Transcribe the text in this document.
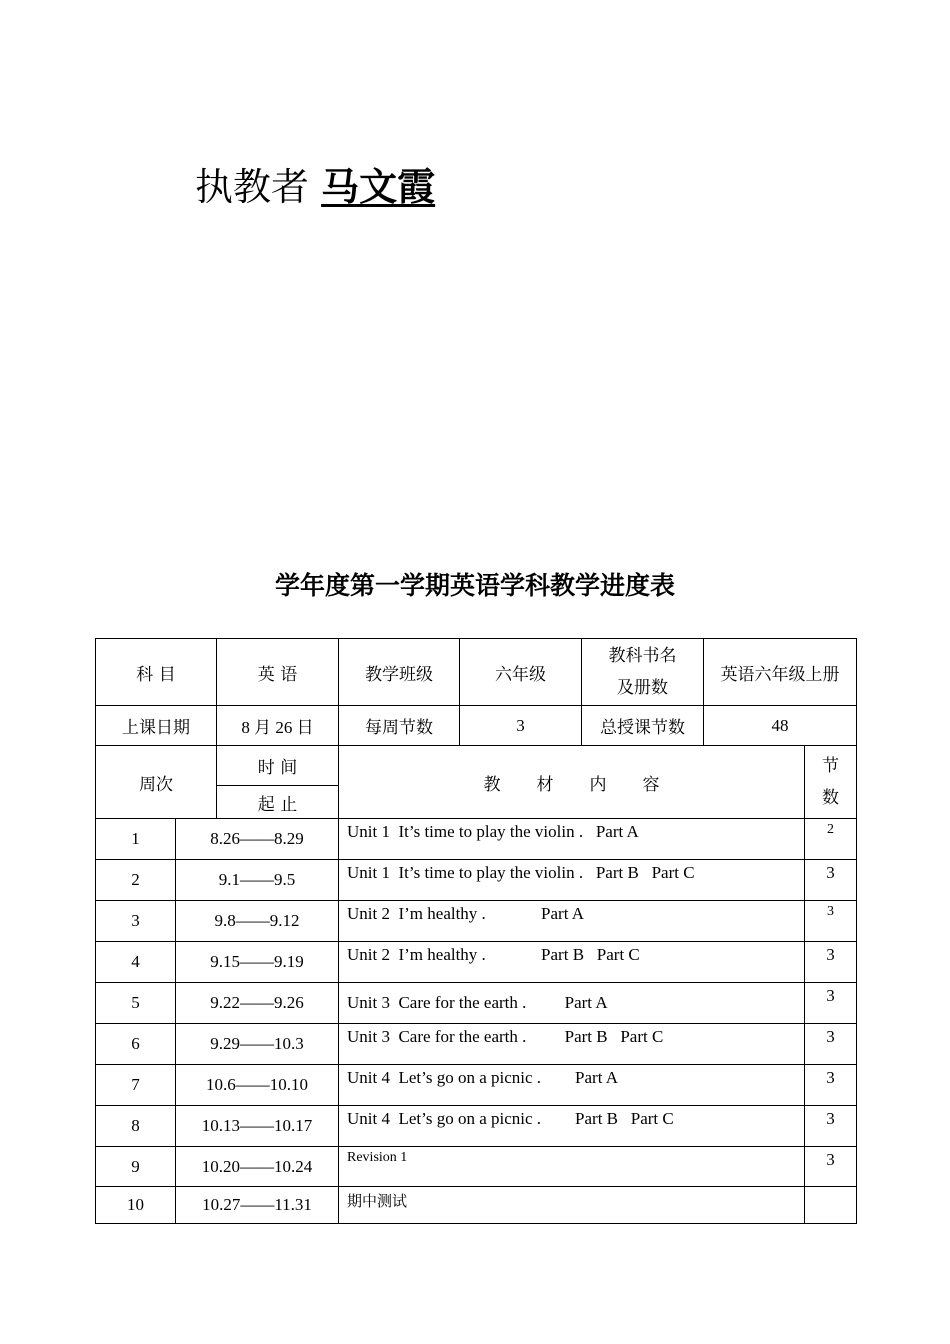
执教者 马文霞
学年度第一学期英语学科教学进度表
科 目		英 语	教学班级	六年级	教科书名
及册数	英语六年级上册	
上课日期		8 月 26 日	每周节数	3	总授课节数	48	
周次		时 间	教 材 内 容				节
数

		起 止					
1	8.26——8.29		Unit 1  It’s time to play the violin .   Part A				2
2	9.1——9.5		Unit 1  It’s time to play the violin .   Part B   Part C				3
3	9.8——9.12		Unit 2  I’m healthy .             Part A				3
4	9.15——9.19		Unit 2  I’m healthy .             Part B   Part C				3
5	9.22——9.26		Unit 3  Care for the earth .         Part A				3
6	9.29——10.3		Unit 3  Care for the earth .         Part B   Part C				3
7	10.6——10.10		Unit 4  Let’s go on a picnic .        Part A				3
8	10.13——10.17		Unit 4  Let’s go on a picnic .        Part B   Part C				3
9	10.20——10.24		Revision 1				3
10	10.27——11.31		期中测试				
